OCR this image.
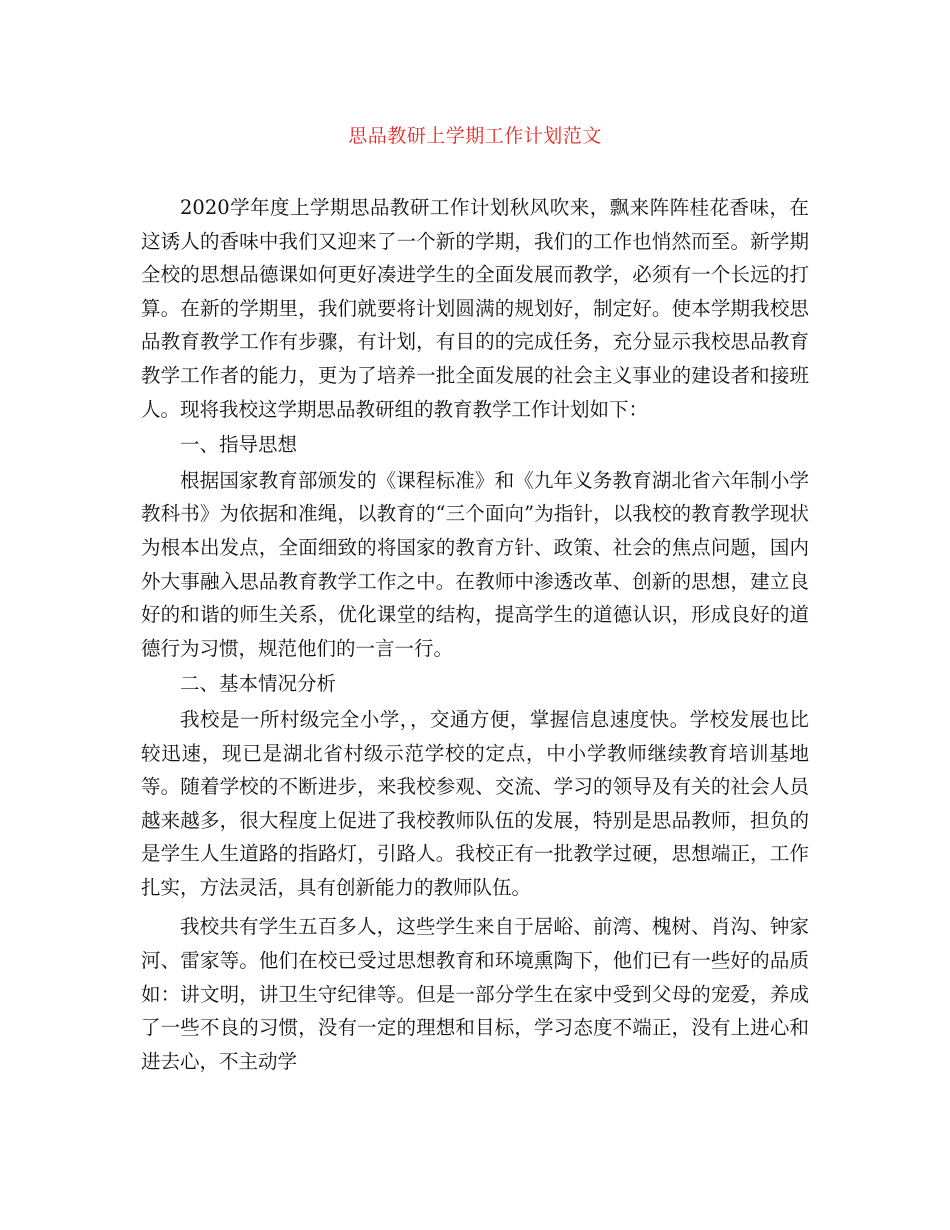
思品教研上学期工作计划范文

2020学年度上学期思品教研工作计划秋风吹来，飘来阵阵桂花香味，在这诱人的香味中我们又迎来了一个新的学期，我们的工作也悄然而至。新学期全校的思想品德课如何更好凑进学生的全面发展而教学，必须有一个长远的打算。在新的学期里，我们就要将计划圆满的规划好，制定好。使本学期我校思品教育教学工作有步骤，有计划，有目的的完成任务，充分显示我校思品教育教学工作者的能力，更为了培养一批全面发展的社会主义事业的建设者和接班人。现将我校这学期思品教研组的教育教学工作计划如下：

一、指导思想

根据国家教育部颁发的《课程标准》和《九年义务教育湖北省六年制小学教科书》为依据和准绳，以教育的“三个面向”为指针，以我校的教育教学现状为根本出发点，全面细致的将国家的教育方针、政策、社会的焦点问题，国内外大事融入思品教育教学工作之中。在教师中渗透改革、创新的思想，建立良好的和谐的师生关系，优化课堂的结构，提高学生的道德认识，形成良好的道德行为习惯，规范他们的一言一行。

二、基本情况分析

我校是一所村级完全小学，，交通方便，掌握信息速度快。学校发展也比较迅速，现已是湖北省村级示范学校的定点，中小学教师继续教育培训基地等。随着学校的不断进步，来我校参观、交流、学习的领导及有关的社会人员越来越多，很大程度上促进了我校教师队伍的发展，特别是思品教师，担负的是学生人生道路的指路灯，引路人。我校正有一批教学过硬，思想端正，工作扎实，方法灵活，具有创新能力的教师队伍。

我校共有学生五百多人，这些学生来自于居峪、前湾、槐树、肖沟、钟家河、雷家等。他们在校已受过思想教育和环境熏陶下，他们已有一些好的品质如：讲文明，讲卫生守纪律等。但是一部分学生在家中受到父母的宠爱，养成了一些不良的习惯，没有一定的理想和目标，学习态度不端正，没有上进心和进去心，不主动学
